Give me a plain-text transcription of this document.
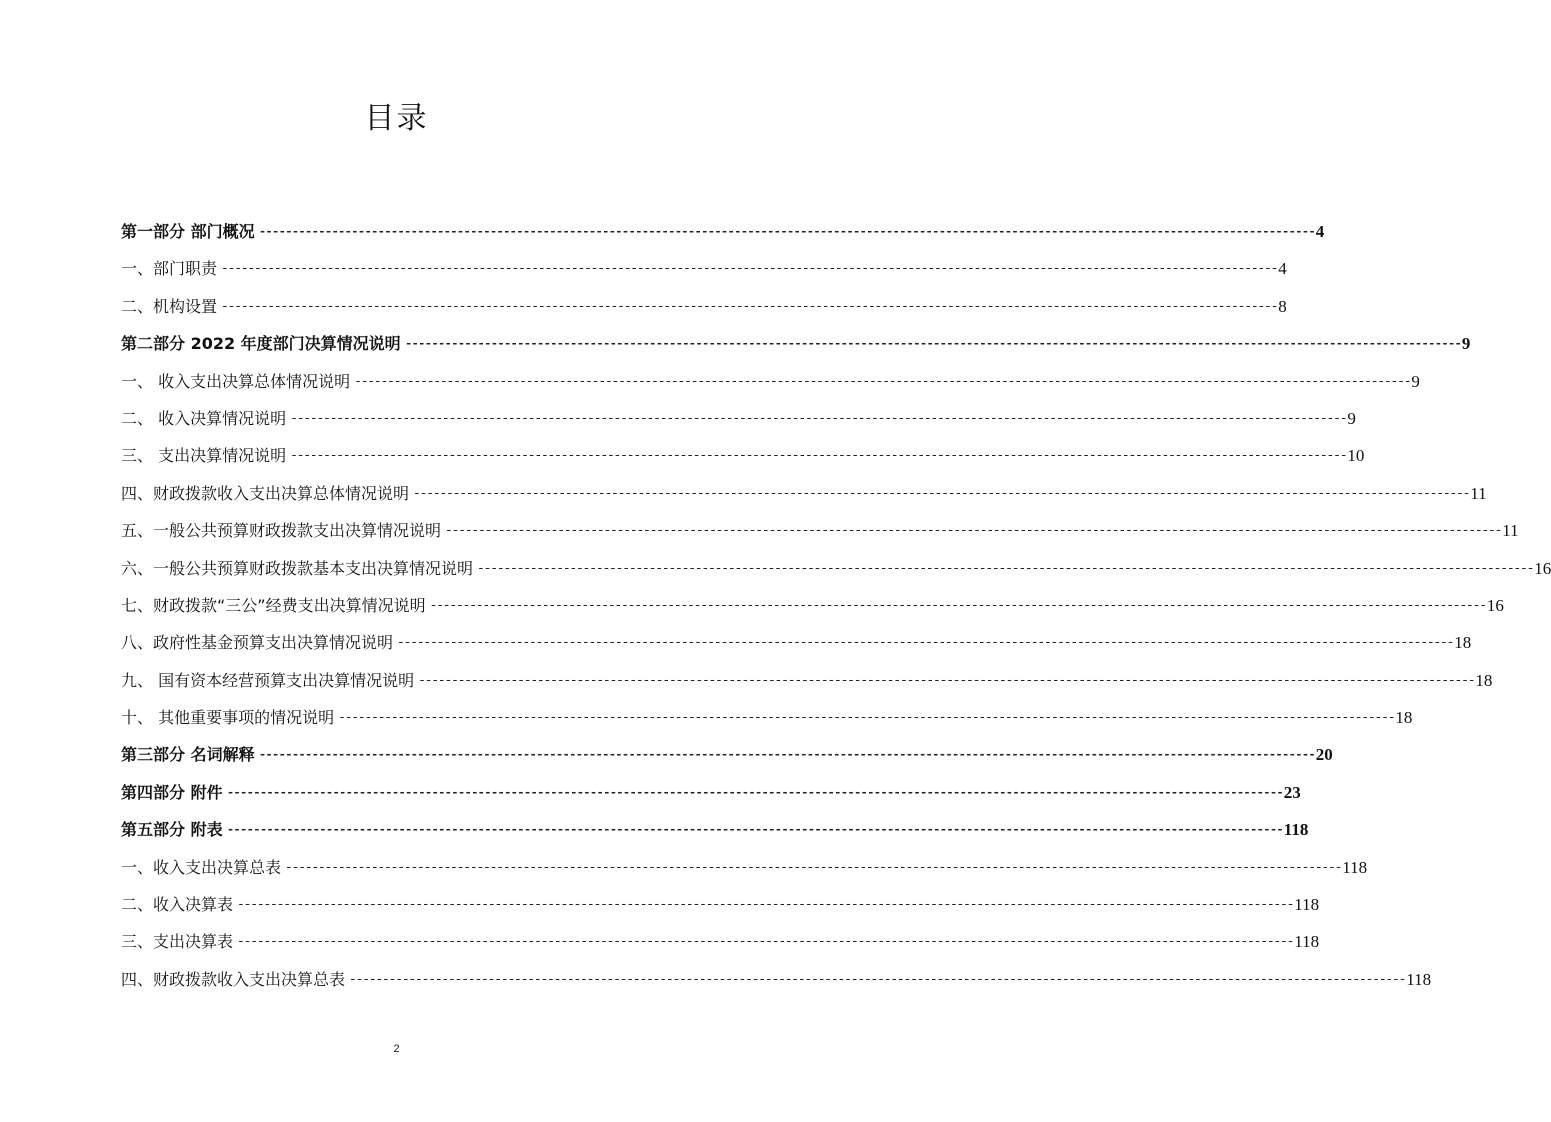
目录
第一部分 部门概况 ---------------------------------------------------------------------------------------------------------------------------------------------------------------- 4
一、部门职责 ---------------------------------------------------------------------------------------------------------------------------------------------------------------- 4
二、机构设置 ---------------------------------------------------------------------------------------------------------------------------------------------------------------- 8
第二部分 2022 年度部门决算情况说明 ---------------------------------------------------------------------------------------------------------------------------------------------------------------- 9
一、 收入支出决算总体情况说明 ---------------------------------------------------------------------------------------------------------------------------------------------------------------- 9
二、 收入决算情况说明 ---------------------------------------------------------------------------------------------------------------------------------------------------------------- 9
三、 支出决算情况说明 ---------------------------------------------------------------------------------------------------------------------------------------------------------------- 10
四、财政拨款收入支出决算总体情况说明 ---------------------------------------------------------------------------------------------------------------------------------------------------------------- 11
五、一般公共预算财政拨款支出决算情况说明 ---------------------------------------------------------------------------------------------------------------------------------------------------------------- 11
六、一般公共预算财政拨款基本支出决算情况说明 ---------------------------------------------------------------------------------------------------------------------------------------------------------------- 16
七、财政拨款“三公”经费支出决算情况说明 ---------------------------------------------------------------------------------------------------------------------------------------------------------------- 16
八、政府性基金预算支出决算情况说明 ---------------------------------------------------------------------------------------------------------------------------------------------------------------- 18
九、 国有资本经营预算支出决算情况说明 ---------------------------------------------------------------------------------------------------------------------------------------------------------------- 18
十、 其他重要事项的情况说明 ---------------------------------------------------------------------------------------------------------------------------------------------------------------- 18
第三部分 名词解释 ---------------------------------------------------------------------------------------------------------------------------------------------------------------- 20
第四部分 附件 ---------------------------------------------------------------------------------------------------------------------------------------------------------------- 23
第五部分 附表 ---------------------------------------------------------------------------------------------------------------------------------------------------------------- 118
一、收入支出决算总表 ---------------------------------------------------------------------------------------------------------------------------------------------------------------- 118
二、收入决算表 ---------------------------------------------------------------------------------------------------------------------------------------------------------------- 118
三、支出决算表 ---------------------------------------------------------------------------------------------------------------------------------------------------------------- 118
四、财政拨款收入支出决算总表 ---------------------------------------------------------------------------------------------------------------------------------------------------------------- 118
2
